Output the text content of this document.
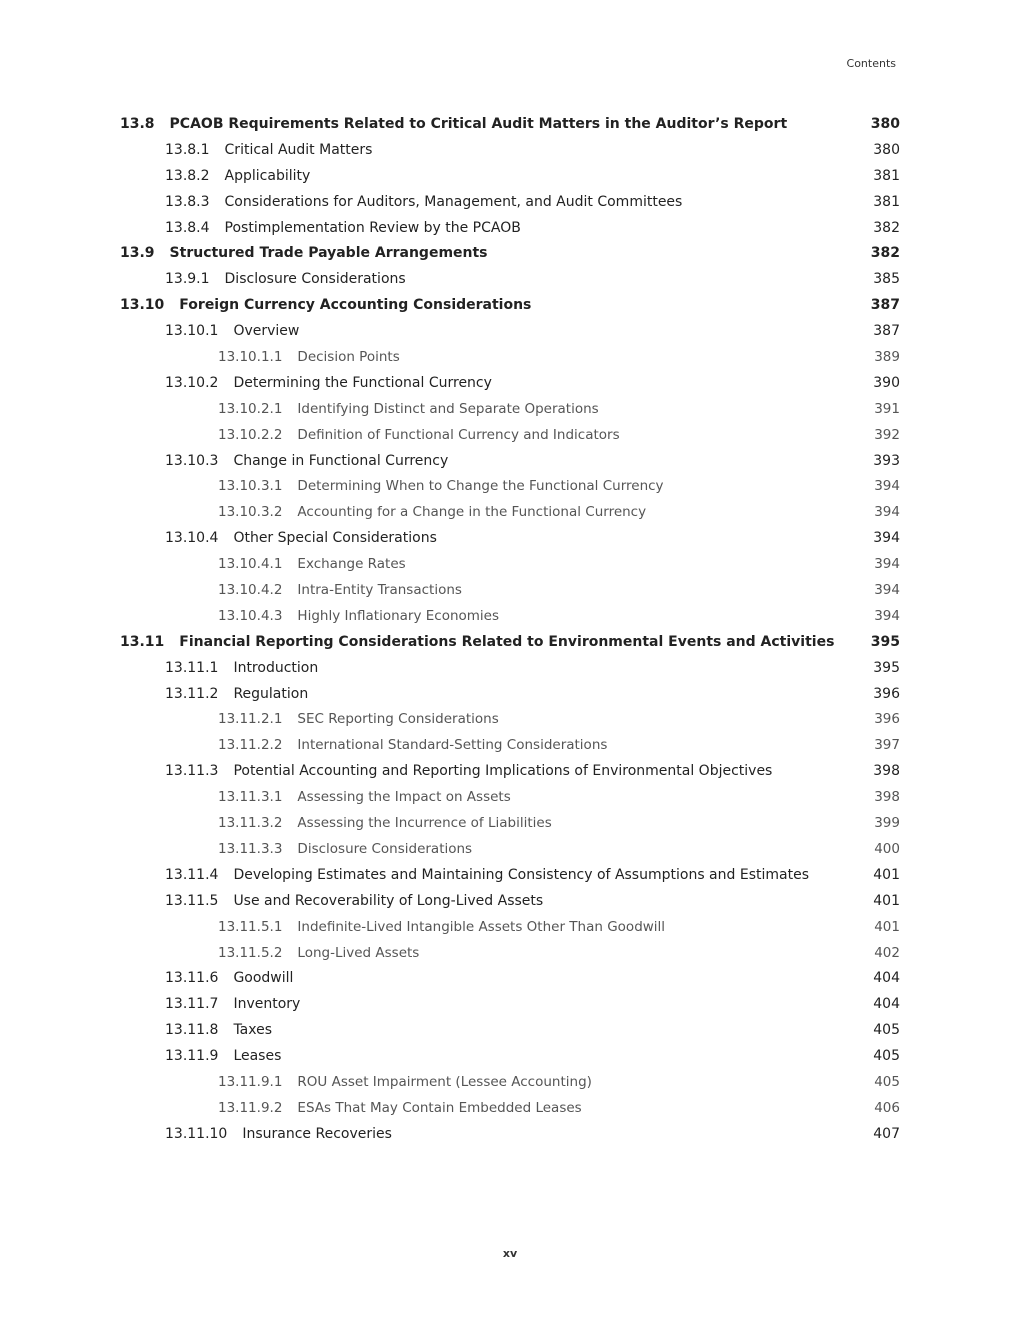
Contents
13.8 PCAOB Requirements Related to Critical Audit Matters in the Auditor’s Report	380
13.8.1 Critical Audit Matters	380
13.8.2 Applicability	381
13.8.3 Considerations for Auditors, Management, and Audit Committees	381
13.8.4 Postimplementation Review by the PCAOB	382
13.9 Structured Trade Payable Arrangements	382
13.9.1 Disclosure Considerations	385
13.10 Foreign Currency Accounting Considerations	387
13.10.1 Overview	387
13.10.1.1 Decision Points	389
13.10.2 Determining the Functional Currency	390
13.10.2.1 Identifying Distinct and Separate Operations	391
13.10.2.2 Definition of Functional Currency and Indicators	392
13.10.3 Change in Functional Currency	393
13.10.3.1 Determining When to Change the Functional Currency	394
13.10.3.2 Accounting for a Change in the Functional Currency	394
13.10.4 Other Special Considerations	394
13.10.4.1 Exchange Rates	394
13.10.4.2 Intra-Entity Transactions	394
13.10.4.3 Highly Inflationary Economies	394
13.11 Financial Reporting Considerations Related to Environmental Events and Activities	395
13.11.1 Introduction	395
13.11.2 Regulation	396
13.11.2.1 SEC Reporting Considerations	396
13.11.2.2 International Standard-Setting Considerations	397
13.11.3 Potential Accounting and Reporting Implications of Environmental Objectives	398
13.11.3.1 Assessing the Impact on Assets	398
13.11.3.2 Assessing the Incurrence of Liabilities	399
13.11.3.3 Disclosure Considerations	400
13.11.4 Developing Estimates and Maintaining Consistency of Assumptions and Estimates	401
13.11.5 Use and Recoverability of Long-Lived Assets	401
13.11.5.1 Indefinite-Lived Intangible Assets Other Than Goodwill	401
13.11.5.2 Long-Lived Assets	402
13.11.6 Goodwill	404
13.11.7 Inventory	404
13.11.8 Taxes	405
13.11.9 Leases	405
13.11.9.1 ROU Asset Impairment (Lessee Accounting)	405
13.11.9.2 ESAs That May Contain Embedded Leases	406
13.11.10 Insurance Recoveries	407
xv
